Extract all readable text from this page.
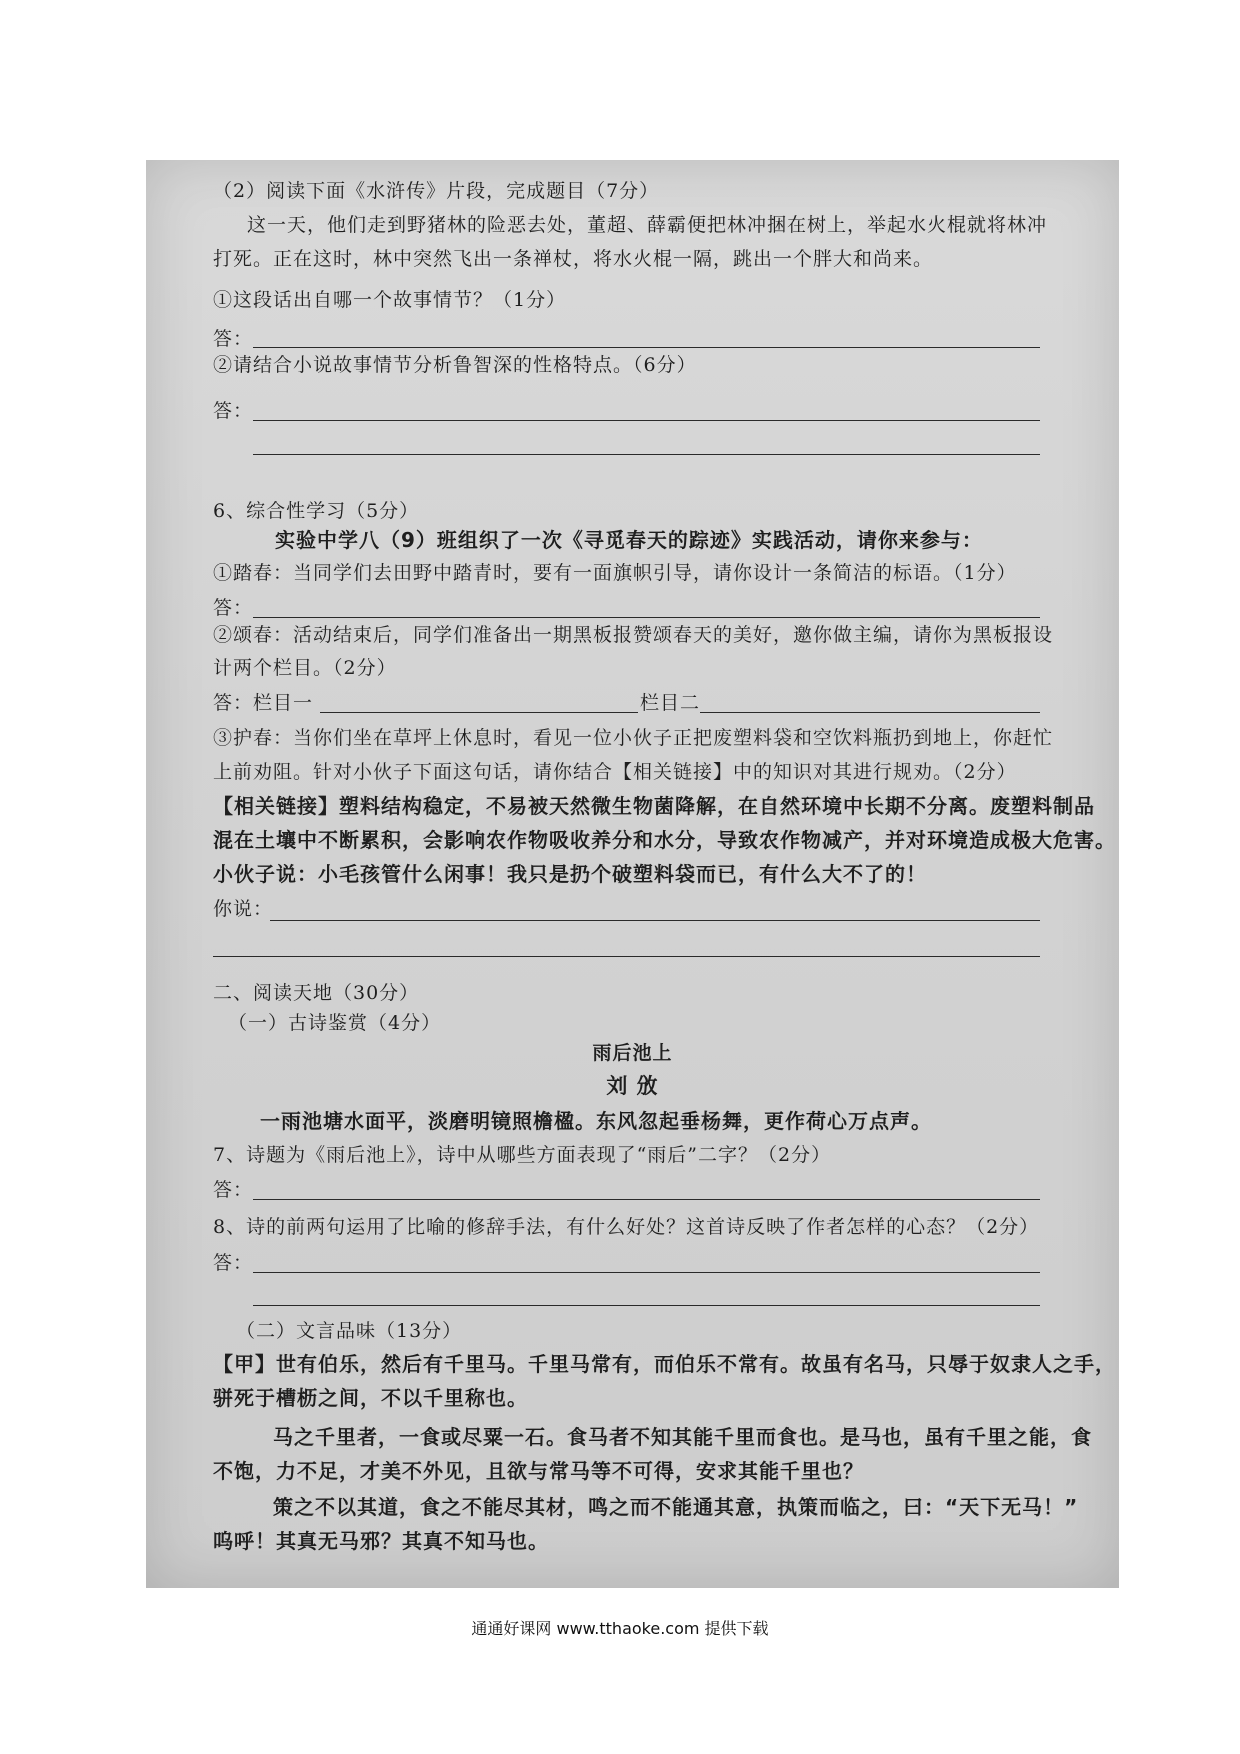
（2）阅读下面《水浒传》片段，完成题目（7分）
这一天，他们走到野猪林的险恶去处，董超、薛霸便把林冲捆在树上，举起水火棍就将林冲
打死。正在这时，林中突然飞出一条禅杖，将水火棍一隔，跳出一个胖大和尚来。
①这段话出自哪一个故事情节？（1分）
答：
②请结合小说故事情节分析鲁智深的性格特点。（6分）
答：
6、综合性学习（5分）
实验中学八（9）班组织了一次《寻觅春天的踪迹》实践活动，请你来参与：
①踏春：当同学们去田野中踏青时，要有一面旗帜引导，请你设计一条简洁的标语。（1分）
答：
②颂春：活动结束后，同学们准备出一期黑板报赞颂春天的美好，邀你做主编，请你为黑板报设
计两个栏目。（2分）
答：栏目一	栏目二
③护春：当你们坐在草坪上休息时，看见一位小伙子正把废塑料袋和空饮料瓶扔到地上，你赶忙
上前劝阻。针对小伙子下面这句话，请你结合【相关链接】中的知识对其进行规劝。（2分）
【相关链接】塑料结构稳定，不易被天然微生物菌降解，在自然环境中长期不分离。废塑料制品
混在土壤中不断累积，会影响农作物吸收养分和水分，导致农作物减产，并对环境造成极大危害。
小伙子说：小毛孩管什么闲事！我只是扔个破塑料袋而已，有什么大不了的！
你说：
二、阅读天地（30分）
（一）古诗鉴赏（4分）
雨后池上
刘 攽
一雨池塘水面平，淡磨明镜照檐楹。东风忽起垂杨舞，更作荷心万点声。
7、诗题为《雨后池上》，诗中从哪些方面表现了“雨后”二字？（2分）
答：
8、诗的前两句运用了比喻的修辞手法，有什么好处？这首诗反映了作者怎样的心态？（2分）
答：
（二）文言品味（13分）
【甲】世有伯乐，然后有千里马。千里马常有，而伯乐不常有。故虽有名马，只辱于奴隶人之手，
骈死于槽枥之间，不以千里称也。
马之千里者，一食或尽粟一石。食马者不知其能千里而食也。是马也，虽有千里之能，食
不饱，力不足，才美不外见，且欲与常马等不可得，安求其能千里也？
策之不以其道，食之不能尽其材，鸣之而不能通其意，执策而临之，曰：“天下无马！”
呜呼！其真无马邪？其真不知马也。
通通好课网 www.tthaoke.com 提供下载
